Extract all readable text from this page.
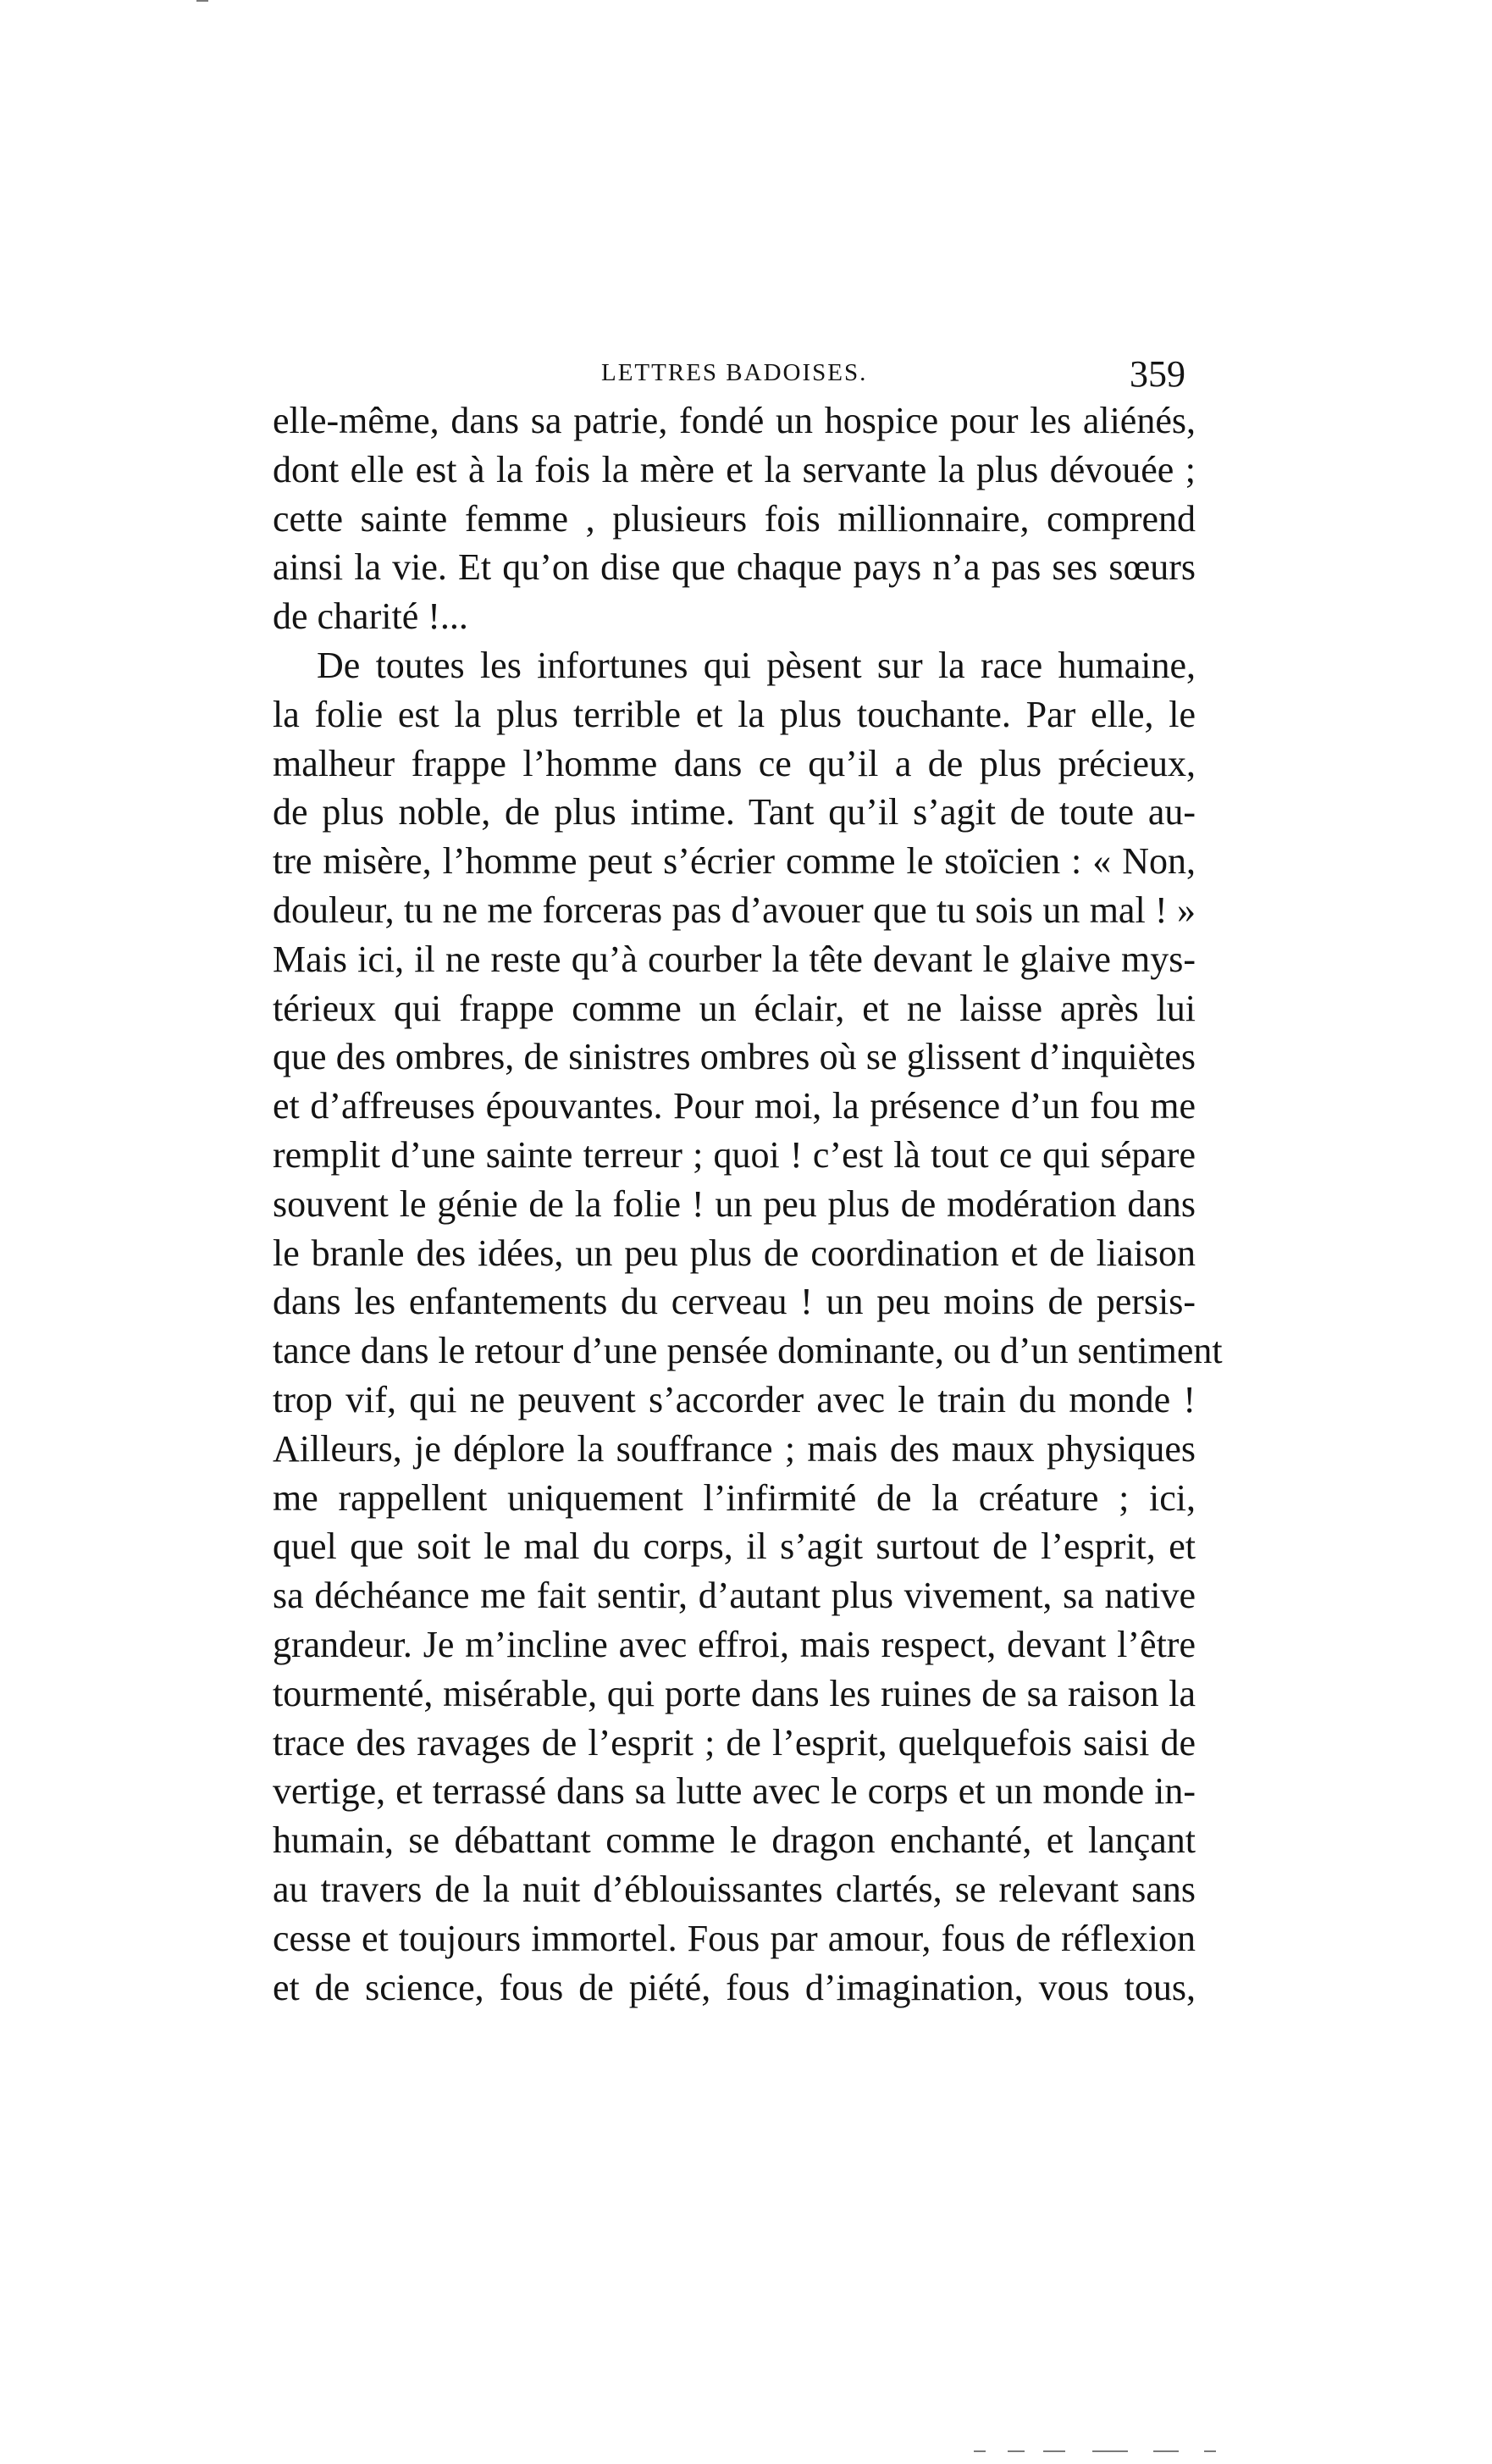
LETTRES BADOISES.	359
elle-même, dans sa patrie, fondé un hospice pour les aliénés,
dont elle est à la fois la mère et la servante la plus dévouée ;
cette sainte femme , plusieurs fois millionnaire, comprend
ainsi la vie. Et qu’on dise que chaque pays n’a pas ses sœurs
de charité !...
De toutes les infortunes qui pèsent sur la race humaine,
la folie est la plus terrible et la plus touchante. Par elle, le
malheur frappe l’homme dans ce qu’il a de plus précieux,
de plus noble, de plus intime. Tant qu’il s’agit de toute au-
tre misère, l’homme peut s’écrier comme le stoïcien : « Non,
douleur, tu ne me forceras pas d’avouer que tu sois un mal ! »
Mais ici, il ne reste qu’à courber la tête devant le glaive mys-
térieux qui frappe comme un éclair, et ne laisse après lui
que des ombres, de sinistres ombres où se glissent d’inquiètes
et d’affreuses épouvantes. Pour moi, la présence d’un fou me
remplit d’une sainte terreur ; quoi ! c’est là tout ce qui sépare
souvent le génie de la folie ! un peu plus de modération dans
le branle des idées, un peu plus de coordination et de liaison
dans les enfantements du cerveau ! un peu moins de persis-
tance dans le retour d’une pensée dominante, ou d’un sentiment
trop vif, qui ne peuvent s’accorder avec le train du monde !
Ailleurs, je déplore la souffrance ; mais des maux physiques
me rappellent uniquement l’infirmité de la créature ; ici,
quel que soit le mal du corps, il s’agit surtout de l’esprit, et
sa déchéance me fait sentir, d’autant plus vivement, sa native
grandeur. Je m’incline avec effroi, mais respect, devant l’être
tourmenté, misérable, qui porte dans les ruines de sa raison la
trace des ravages de l’esprit ; de l’esprit, quelquefois saisi de
vertige, et terrassé dans sa lutte avec le corps et un monde in-
humain, se débattant comme le dragon enchanté, et lançant
au travers de la nuit d’éblouissantes clartés, se relevant sans
cesse et toujours immortel. Fous par amour, fous de réflexion
et de science, fous de piété, fous d’imagination, vous tous,
